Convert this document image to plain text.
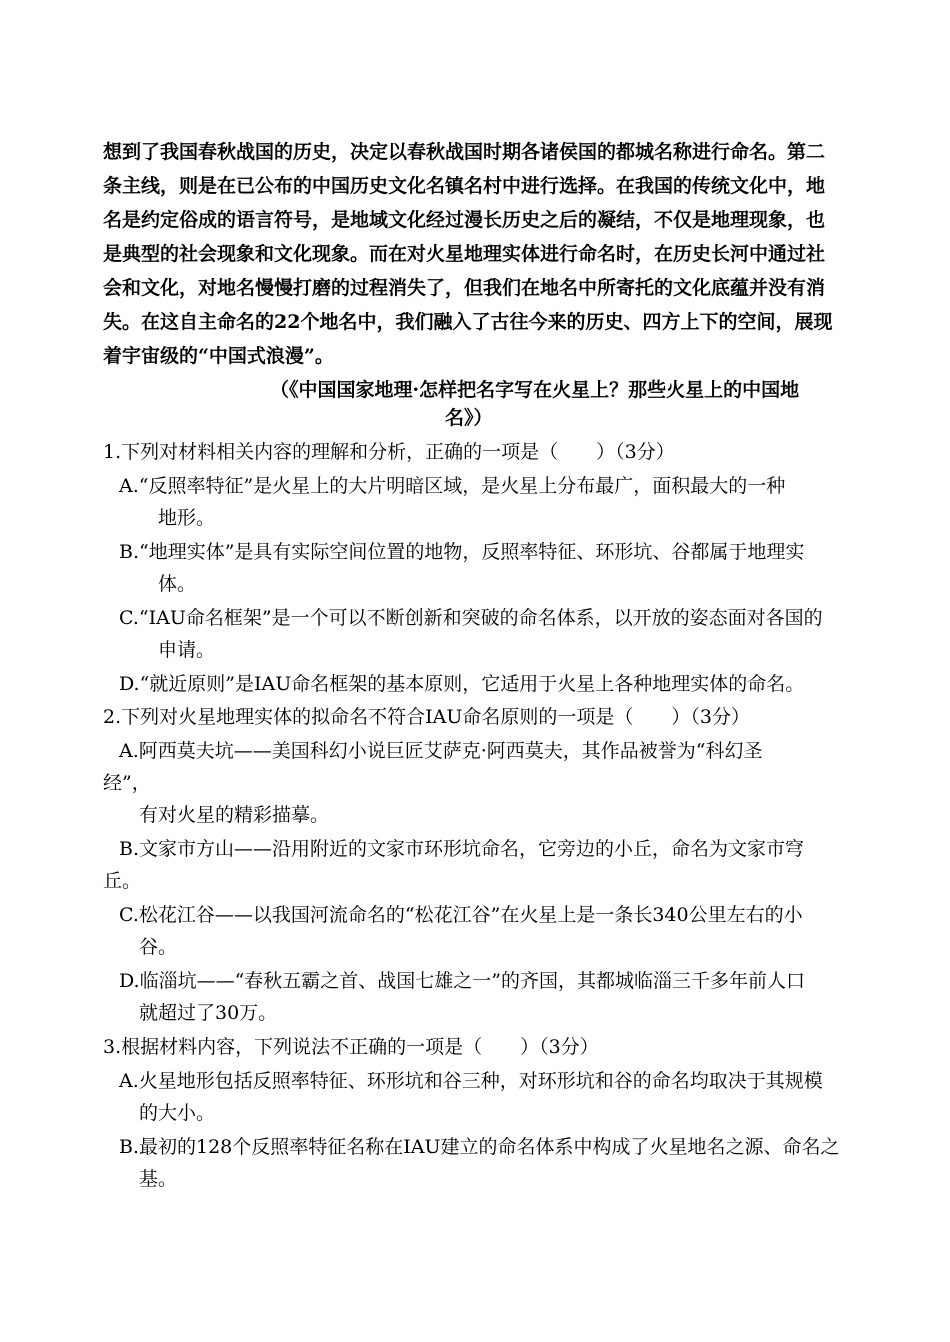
想到了我国春秋战国的历史，决定以春秋战国时期各诸侯国的都城名称进行命名。第二
条主线，则是在已公布的中国历史文化名镇名村中进行选择。在我国的传统文化中，地
名是约定俗成的语言符号，是地域文化经过漫长历史之后的凝结，不仅是地理现象，也
是典型的社会现象和文化现象。而在对火星地理实体进行命名时，在历史长河中通过社
会和文化，对地名慢慢打磨的过程消失了，但我们在地名中所寄托的文化底蕴并没有消
失。在这自主命名的22个地名中，我们融入了古往今来的历史、四方上下的空间，展现
着宇宙级的“中国式浪漫”。
（《中国国家地理·怎样把名字写在火星上？那些火星上的中国地
名》）
1.下列对材料相关内容的理解和分析，正确的一项是（　　）（3分）
A.“反照率特征”是火星上的大片明暗区域，是火星上分布最广，面积最大的一种
地形。
B.“地理实体”是具有实际空间位置的地物，反照率特征、环形坑、谷都属于地理实
体。
C.“IAU命名框架”是一个可以不断创新和突破的命名体系，以开放的姿态面对各国的
申请。
D.“就近原则”是IAU命名框架的基本原则，它适用于火星上各种地理实体的命名。
2.下列对火星地理实体的拟命名不符合IAU命名原则的一项是（　　）（3分）
A.阿西莫夫坑——美国科幻小说巨匠艾萨克·阿西莫夫，其作品被誉为“科幻圣
经”，
有对火星的精彩描摹。
B.文家市方山——沿用附近的文家市环形坑命名，它旁边的小丘，命名为文家市穹
丘。
C.松花江谷——以我国河流命名的“松花江谷”在火星上是一条长340公里左右的小
谷。
D.临淄坑——“春秋五霸之首、战国七雄之一”的齐国，其都城临淄三千多年前人口
就超过了30万。
3.根据材料内容，下列说法不正确的一项是（　　）（3分）
A.火星地形包括反照率特征、环形坑和谷三种，对环形坑和谷的命名均取决于其规模
的大小。
B.最初的128个反照率特征名称在IAU建立的命名体系中构成了火星地名之源、命名之
基。
